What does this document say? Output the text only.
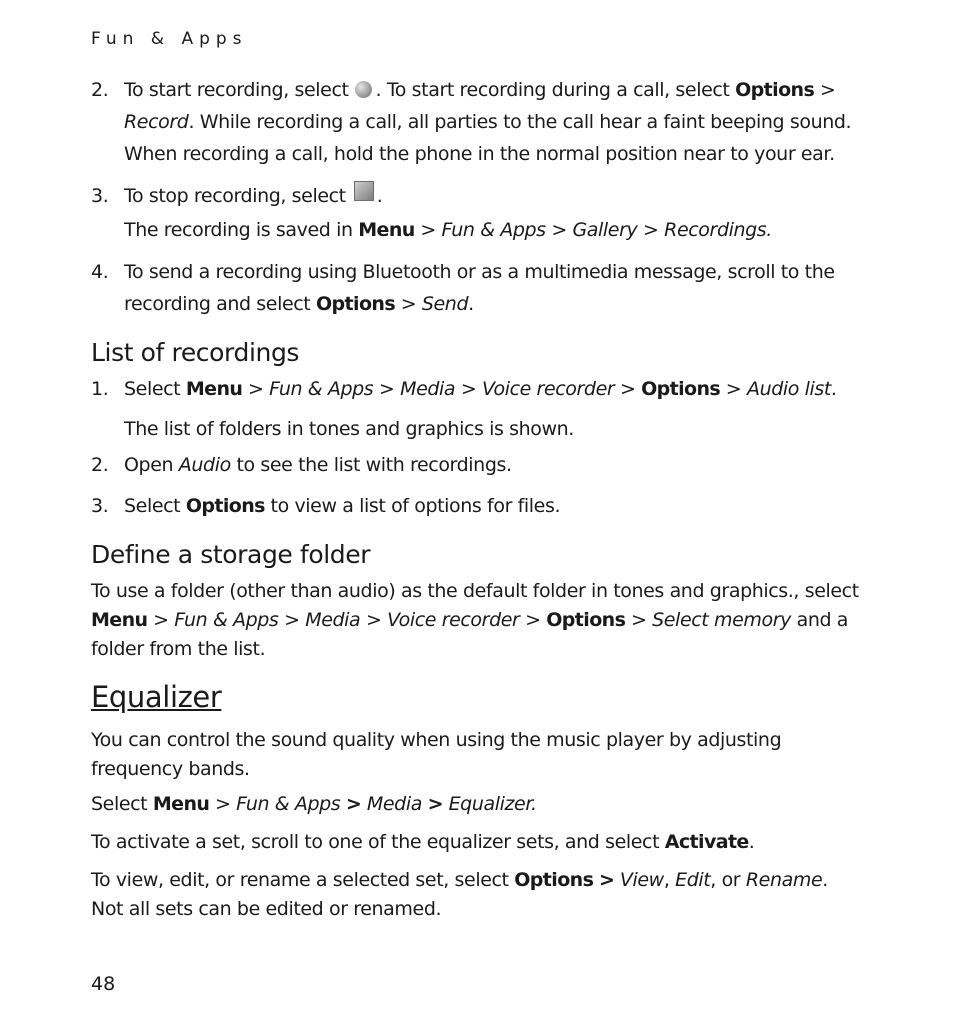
Fun & Apps
2. To start recording, select . To start recording during a call, select Options > Record. While recording a call, all parties to the call hear a faint beeping sound. When recording a call, hold the phone in the normal position near to your ear.
3. To stop recording, select .
The recording is saved in Menu > Fun & Apps > Gallery > Recordings.
4. To send a recording using Bluetooth or as a multimedia message, scroll to the recording and select Options > Send.
List of recordings
1. Select Menu > Fun & Apps > Media > Voice recorder > Options > Audio list.
The list of folders in tones and graphics is shown.
2. Open Audio to see the list with recordings.
3. Select Options to view a list of options for files.
Define a storage folder
To use a folder (other than audio) as the default folder in tones and graphics., select Menu > Fun & Apps > Media > Voice recorder > Options > Select memory and a folder from the list.
Equalizer
You can control the sound quality when using the music player by adjusting frequency bands.
Select Menu > Fun & Apps > Media > Equalizer.
To activate a set, scroll to one of the equalizer sets, and select Activate.
To view, edit, or rename a selected set, select Options > View, Edit, or Rename. Not all sets can be edited or renamed.
48
